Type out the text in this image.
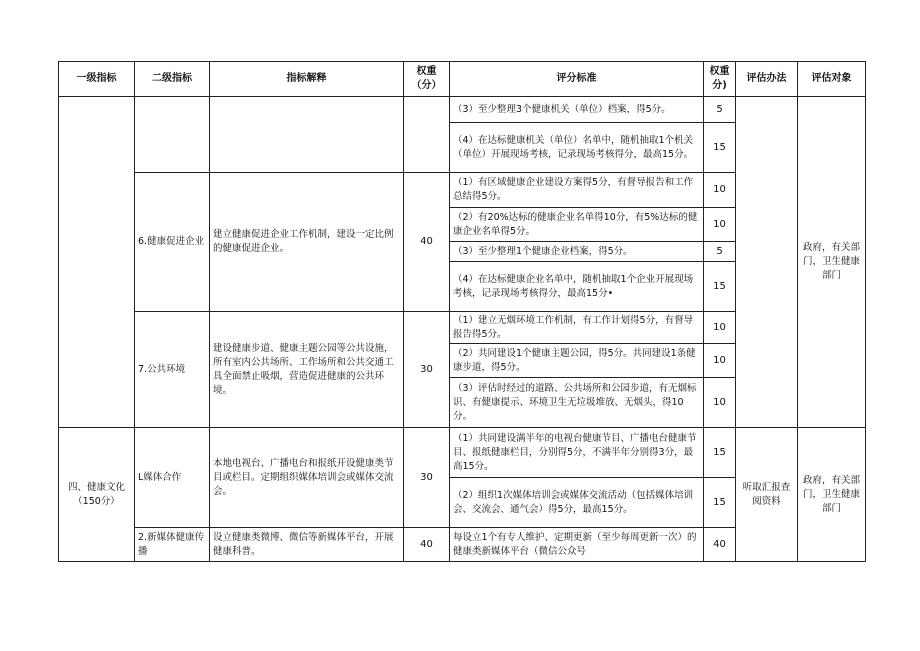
一级指标	二级指标	指标解释	权重（分）	评分标准	权重分)	评估办法	评估对象
				（3）至少整理3个健康机关（单位）档案，得5分。	5		政府，有关部门，卫生健康部门
				（4）在达标健康机关（单位）名单中，随机抽取1个机关（单位）开展现场考核，记录现场考核得分，最高15分。	15		
	6.健康促进企业	建立健康促进企业工作机制，建设一定比例的健康促进企业。	40	（1）有区域健康企业建设方案得5分，有督导报告和工作总结得5分。	10		
				（2）有20%达标的健康企业名单得10分，有5%达标的健康企业名单得5分。	10		
				（3）至少整理1个健康企业档案，得5分。	5		
				（4）在达标健康企业名单中，随机抽取1个企业开展现场考核，记录现场考核得分，最高15分•	15		
	7.公共环境	建设健康步道、健康主题公园等公共设施，所有室内公共场所、工作场所和公共交通工具全面禁止吸烟，营造促进健康的公共环境。	30	（1）建立无烟环境工作机制，有工作计划得5分，有督导报告得5分。	10		
				（2）共同建设1个健康主题公园，得5分。共同建设1条健康步道，得5分。	10		
				（3）评估时经过的道路、公共场所和公园步道，有无烟标识、有健康提示、环境卫生无垃圾堆放、无烟头，得10分。	10		
四、健康文化（150分）	L媒体合作	本地电视台、广播电台和报纸开设健康类节目或栏目。定期组织媒体培训会或媒体交流会。	30	（1）共同建设满半年的电视台健康节目、广播电台健康节目、报纸健康栏目，分别得5分，不满半年分别得3分，最高15分。	15	听取汇报查阅资料	政府，有关部门，卫生健康部门
				（2）组织1次媒体培训会或媒体交流活动（包括媒体培训会、交流会、通气会）得5分，最高15分。	15		
	2.新媒体健康传播	设立健康类微博、微信等新媒体平台，开展健康科普。	40	每设立1个有专人维护、定期更新（至少每周更新一次）的健康类新媒体平台（微信公众号	40		
